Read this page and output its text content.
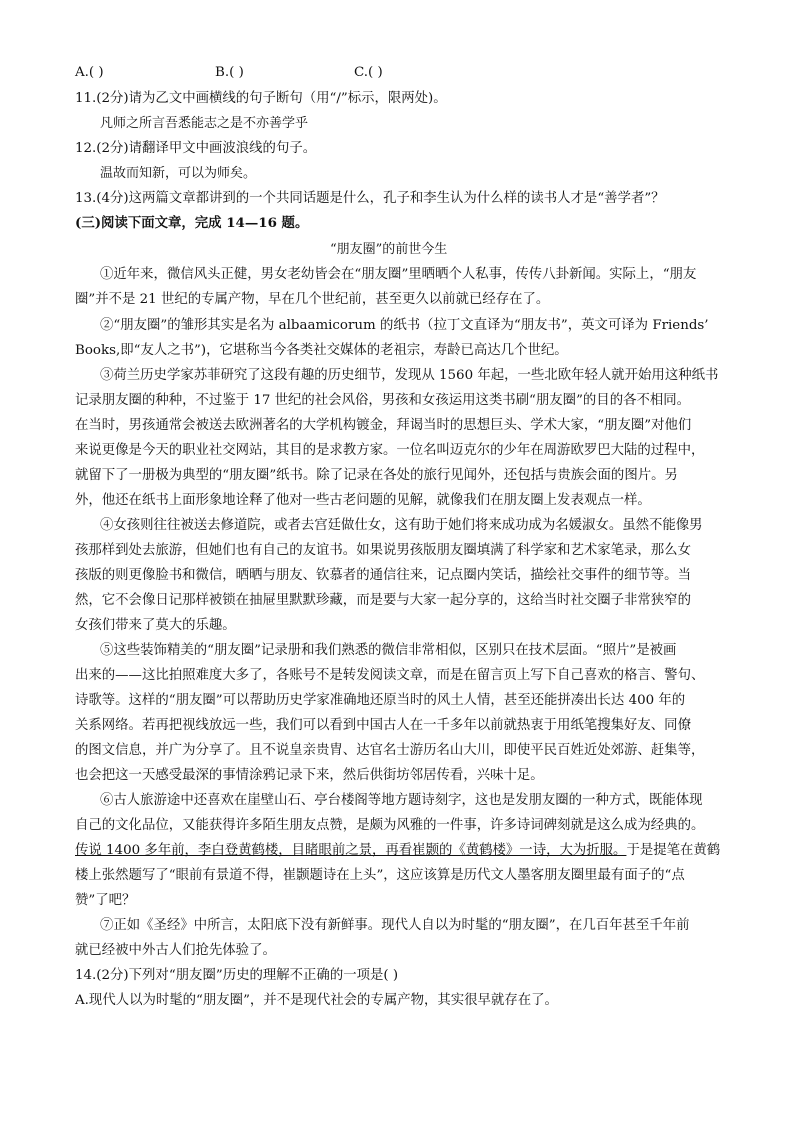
A.( )	B.( )	C.( )
11.(2分)请为乙文中画横线的句子断句（用“/”标示，限两处)。
凡师之所言吾悉能志之是不亦善学乎
12.(2分)请翻译甲文中画波浪线的句子。
温故而知新，可以为师矣。
13.(4分)这两篇文章都讲到的一个共同话题是什么，孔子和李生认为什么样的读书人才是“善学者”？
(三)阅读下面文章，完成 14—16 题。
“朋友圈”的前世今生
①近年来，微信风头正健，男女老幼皆会在“朋友圈”里晒晒个人私事，传传八卦新闻。实际上，“朋友
圈”并不是 21 世纪的专属产物，早在几个世纪前，甚至更久以前就已经存在了。
②“朋友圈”的雏形其实是名为 albaamicorum 的纸书（拉丁文直译为“朋友书”，英文可译为 Friends’
Books,即“友人之书”)，它堪称当今各类社交媒体的老祖宗，寿龄已高达几个世纪。
③荷兰历史学家苏菲研究了这段有趣的历史细节，发现从 1560 年起，一些北欧年轻人就开始用这种纸书
记录朋友圈的种种，不过鉴于 17 世纪的社会风俗，男孩和女孩运用这类书刷“朋友圈”的目的各不相同。
在当时，男孩通常会被送去欧洲著名的大学机构镀金，拜谒当时的思想巨头、学术大家，“朋友圈”对他们
来说更像是今天的职业社交网站，其目的是求教方家。一位名叫迈克尔的少年在周游欧罗巴大陆的过程中，
就留下了一册极为典型的“朋友圈”纸书。除了记录在各处的旅行见闻外，还包括与贵族会面的图片。另
外，他还在纸书上面形象地诠释了他对一些古老问题的见解，就像我们在朋友圈上发表观点一样。
④女孩则往往被送去修道院，或者去宫廷做仕女，这有助于她们将来成功成为名媛淑女。虽然不能像男
孩那样到处去旅游，但她们也有自己的友谊书。如果说男孩版朋友圈填满了科学家和艺术家笔录，那么女
孩版的则更像脸书和微信，晒晒与朋友、钦慕者的通信往来，记点圈内笑话，描绘社交事件的细节等。当
然，它不会像日记那样被锁在抽屉里默默珍藏，而是要与大家一起分享的，这给当时社交圈子非常狭窄的
女孩们带来了莫大的乐趣。
⑤这些装饰精美的“朋友圈”记录册和我们熟悉的微信非常相似，区别只在技术层面。“照片”是被画
出来的——这比拍照难度大多了，各账号不是转发阅读文章，而是在留言页上写下自己喜欢的格言、警句、
诗歌等。这样的“朋友圈”可以帮助历史学家准确地还原当时的风土人情，甚至还能拼凑出长达 400 年的
关系网络。若再把视线放远一些，我们可以看到中国古人在一千多年以前就热衷于用纸笔搜集好友、同僚
的图文信息，并广为分享了。且不说皇亲贵胄、达官名士游历名山大川，即使平民百姓近处郊游、赶集等，
也会把这一天感受最深的事情涂鸦记录下来，然后供街坊邻居传看，兴味十足。
⑥古人旅游途中还喜欢在崖壁山石、亭台楼阁等地方题诗刻字，这也是发朋友圈的一种方式，既能体现
自己的文化品位，又能获得许多陌生朋友点赞，是颇为风雅的一件事，许多诗词碑刻就是这么成为经典的。
传说 1400 多年前，李白登黄鹤楼，目睹眼前之景，再看崔颢的《黄鹤楼》一诗，大为折服。于是提笔在黄鹤
楼上张然题写了“眼前有景道不得，崔颢题诗在上头”，这应该算是历代文人墨客朋友圈里最有面子的“点
赞”了吧？
⑦正如《圣经》中所言，太阳底下没有新鲜事。现代人自以为时髦的“朋友圈”，在几百年甚至千年前
就已经被中外古人们抢先体验了。
14.(2分)下列对“朋友圈”历史的理解不正确的一项是( )
A.现代人以为时髦的“朋友圈”，并不是现代社会的专属产物，其实很早就存在了。
